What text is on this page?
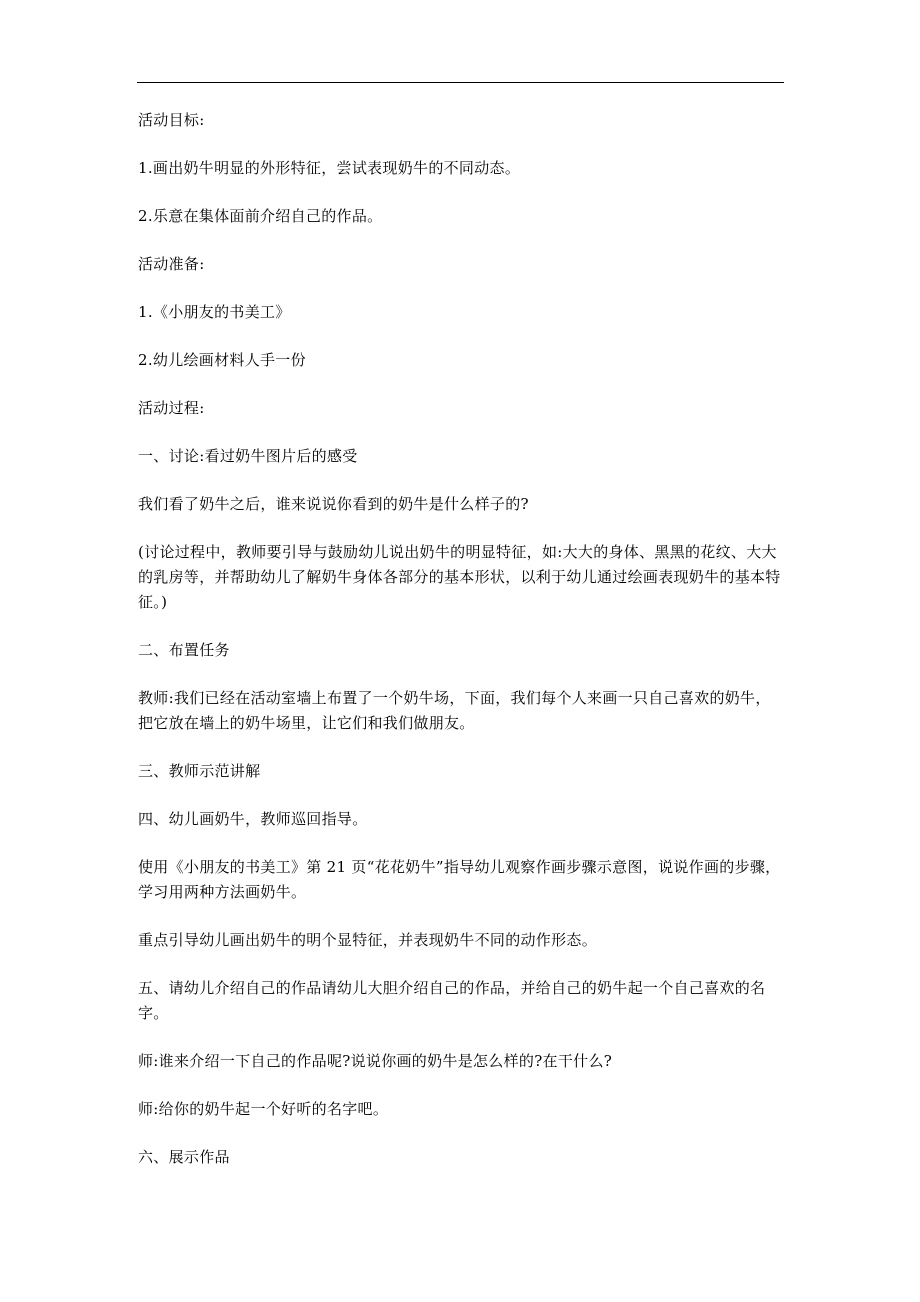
活动目标:

1.画出奶牛明显的外形特征，尝试表现奶牛的不同动态。

2.乐意在集体面前介绍自己的作品。

活动准备:

1.《小朋友的书美工》

2.幼儿绘画材料人手一份

活动过程:

一、讨论:看过奶牛图片后的感受

我们看了奶牛之后，谁来说说你看到的奶牛是什么样子的?

(讨论过程中，教师要引导与鼓励幼儿说出奶牛的明显特征，如:大大的身体、黑黑的花纹、大大的乳房等，并帮助幼儿了解奶牛身体各部分的基本形状，以利于幼儿通过绘画表现奶牛的基本特征。)

二、布置任务

教师:我们已经在活动室墙上布置了一个奶牛场，下面，我们每个人来画一只自己喜欢的奶牛，把它放在墙上的奶牛场里，让它们和我们做朋友。

三、教师示范讲解

四、幼儿画奶牛，教师巡回指导。

使用《小朋友的书美工》第 21 页“花花奶牛”指导幼儿观察作画步骤示意图，说说作画的步骤，学习用两种方法画奶牛。

重点引导幼儿画出奶牛的明个显特征，并表现奶牛不同的动作形态。

五、请幼儿介绍自己的作品请幼儿大胆介绍自己的作品，并给自己的奶牛起一个自己喜欢的名字。

师:谁来介绍一下自己的作品呢?说说你画的奶牛是怎么样的?在干什么?

师:给你的奶牛起一个好听的名字吧。

六、展示作品
